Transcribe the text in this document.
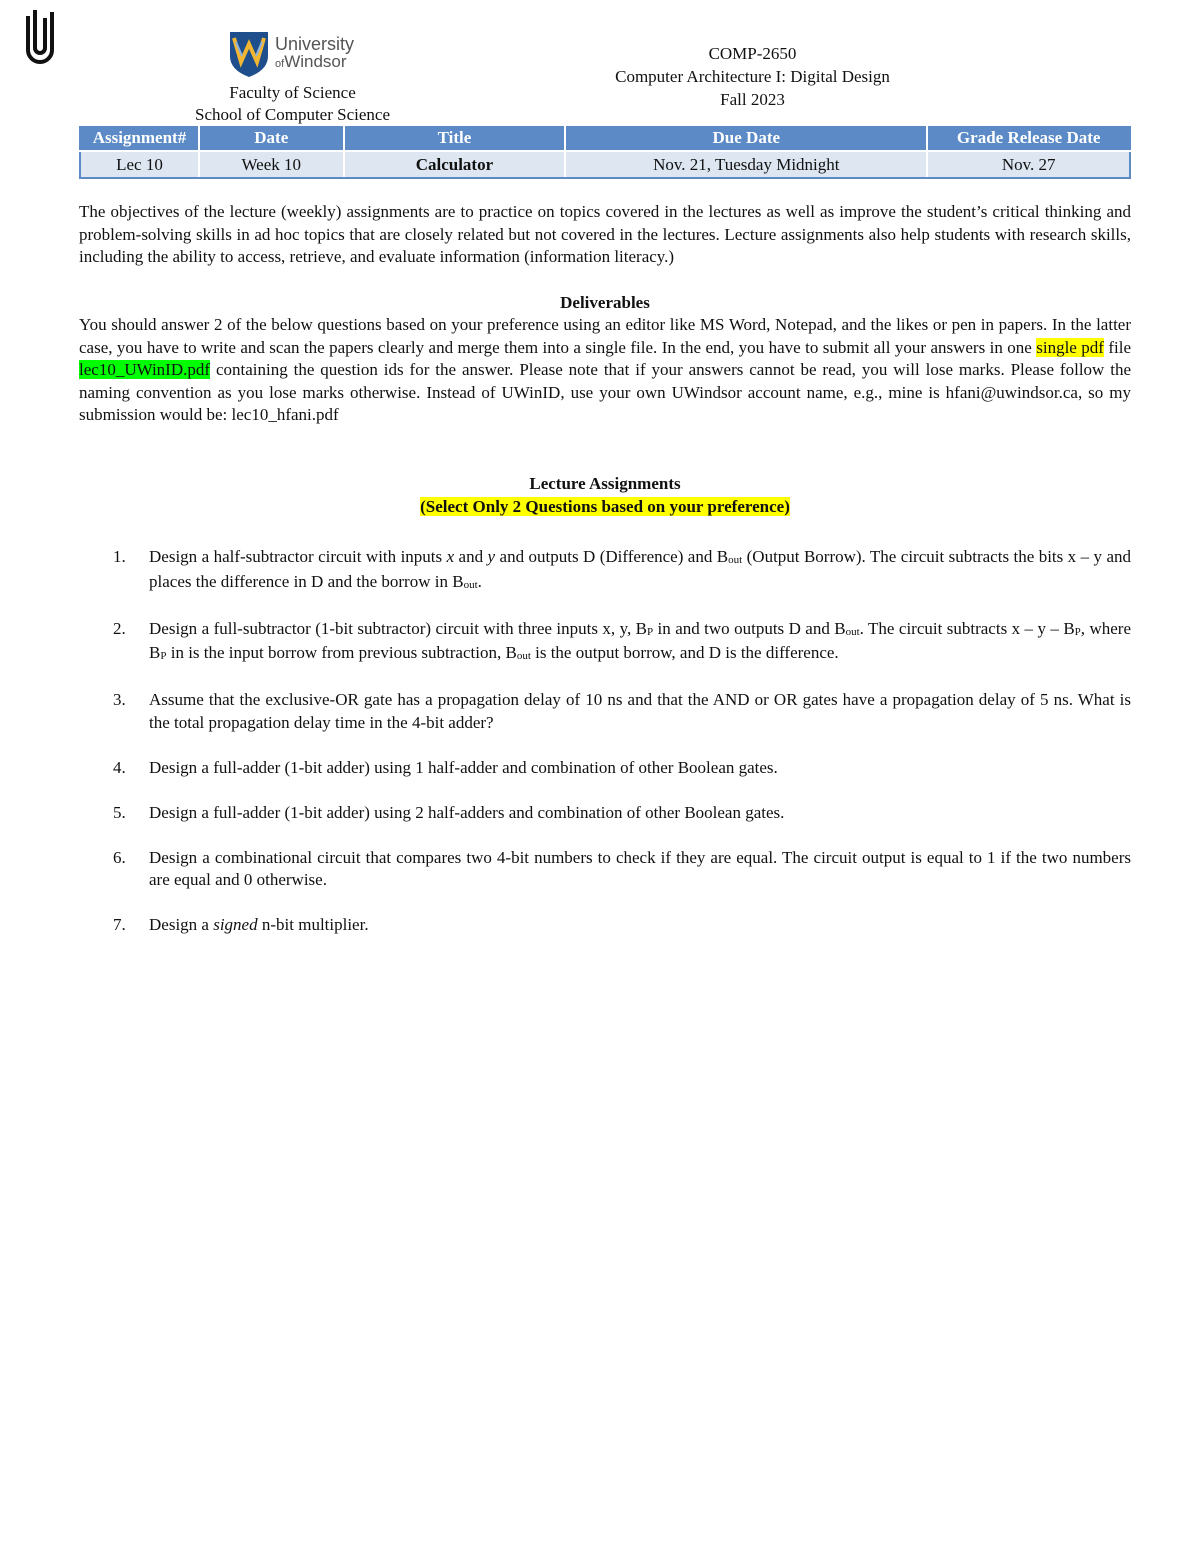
1
University
ofWindsor
Faculty of Science
School of Computer Science
COMP-2650
Computer Architecture I: Digital Design
Fall 2023
Assignment#	Date	Title	Due Date	Grade Release Date
Lec 10	Week 10	Calculator	Nov. 21, Tuesday Midnight	Nov. 27
The objectives of the lecture (weekly) assignments are to practice on topics covered in the lectures as well as improve the student’s critical thinking and problem-solving skills in ad hoc topics that are closely related but not covered in the lectures. Lecture assignments also help students with research skills, including the ability to access, retrieve, and evaluate information (information literacy.)
Deliverables
You should answer 2 of the below questions based on your preference using an editor like MS Word, Notepad, and the likes or pen in papers. In the latter case, you have to write and scan the papers clearly and merge them into a single file. In the end, you have to submit all your answers in one single pdf file lec10_UWinID.pdf containing the question ids for the answer. Please note that if your answers cannot be read, you will lose marks. Please follow the naming convention as you lose marks otherwise. Instead of UWinID, use your own UWindsor account name, e.g., mine is hfani@uwindsor.ca, so my submission would be: lec10_hfani.pdf
Lecture Assignments
(Select Only 2 Questions based on your preference)
1.	Design a half-subtractor circuit with inputs x and y and outputs D (Difference) and $B_{out}$ (Output Borrow). The circuit subtracts the bits x – y and places the difference in D and the borrow in $B_{out}$.
2.	Design a full-subtractor (1-bit subtractor) circuit with three inputs x, y, $B_P$ in and two outputs D and $B_{out}$. The circuit subtracts x – y – $B_P$, where $B_P$ in is the input borrow from previous subtraction, $B_{out}$ is the output borrow, and D is the difference.
3.	Assume that the exclusive-OR gate has a propagation delay of 10 ns and that the AND or OR gates have a propagation delay of 5 ns. What is the total propagation delay time in the 4-bit adder?
4.	Design a full-adder (1-bit adder) using 1 half-adder and combination of other Boolean gates.
5.	Design a full-adder (1-bit adder) using 2 half-adders and combination of other Boolean gates.
6.	Design a combinational circuit that compares two 4-bit numbers to check if they are equal. The circuit output is equal to 1 if the two numbers are equal and 0 otherwise.
7.	Design a signed n-bit multiplier.
